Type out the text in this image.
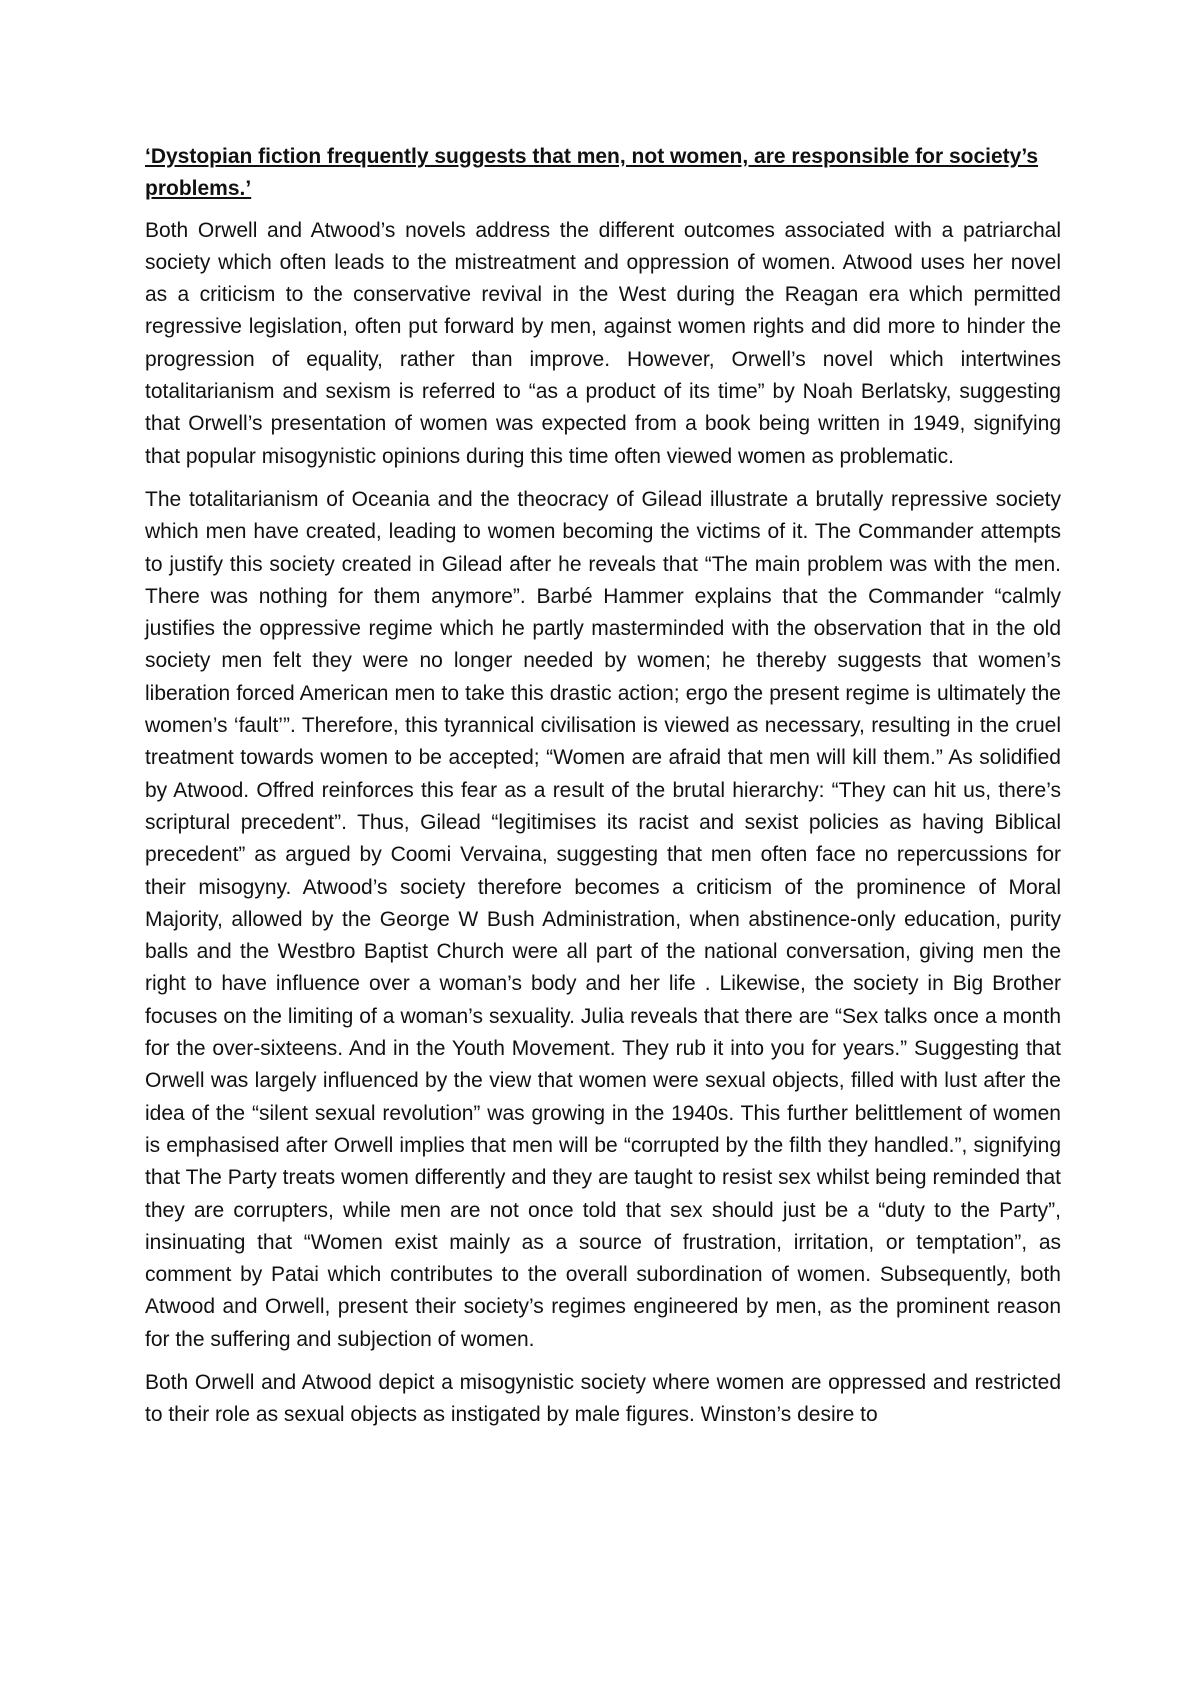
‘Dystopian fiction frequently suggests that men, not women, are responsible for society’s problems.’

Both Orwell and Atwood’s novels address the different outcomes associated with a patriarchal society which often leads to the mistreatment and oppression of women. Atwood uses her novel as a criticism to the conservative revival in the West during the Reagan era which permitted regressive legislation, often put forward by men, against women rights and did more to hinder the progression of equality, rather than improve. However, Orwell’s novel which intertwines totalitarianism and sexism is referred to “as a product of its time” by Noah Berlatsky, suggesting that Orwell’s presentation of women was expected from a book being written in 1949, signifying that popular misogynistic opinions during this time often viewed women as problematic.

The totalitarianism of Oceania and the theocracy of Gilead illustrate a brutally repressive society which men have created, leading to women becoming the victims of it. The Commander attempts to justify this society created in Gilead after he reveals that “The main problem was with the men. There was nothing for them anymore”. Barbé Hammer explains that the Commander “calmly justifies the oppressive regime which he partly masterminded with the observation that in the old society men felt they were no longer needed by women; he thereby suggests that women’s liberation forced American men to take this drastic action; ergo the present regime is ultimately the women’s ‘fault’”. Therefore, this tyrannical civilisation is viewed as necessary, resulting in the cruel treatment towards women to be accepted; “Women are afraid that men will kill them.” As solidified by Atwood. Offred reinforces this fear as a result of the brutal hierarchy: “They can hit us, there’s scriptural precedent”. Thus, Gilead “legitimises its racist and sexist policies as having Biblical precedent” as argued by Coomi Vervaina, suggesting that men often face no repercussions for their misogyny. Atwood’s society therefore becomes a criticism of the prominence of Moral Majority, allowed by the George W Bush Administration, when abstinence-only education, purity balls and the Westbro Baptist Church were all part of the national conversation, giving men the right to have influence over a woman’s body and her life . Likewise, the society in Big Brother focuses on the limiting of a woman’s sexuality. Julia reveals that there are “Sex talks once a month for the over-sixteens. And in the Youth Movement. They rub it into you for years.” Suggesting that Orwell was largely influenced by the view that women were sexual objects, filled with lust after the idea of the “silent sexual revolution” was growing in the 1940s. This further belittlement of women is emphasised after Orwell implies that men will be “corrupted by the filth they handled.”, signifying that The Party treats women differently and they are taught to resist sex whilst being reminded that they are corrupters, while men are not once told that sex should just be a “duty to the Party”, insinuating that “Women exist mainly as a source of frustration, irritation, or temptation”, as comment by Patai which contributes to the overall subordination of women. Subsequently, both Atwood and Orwell, present their society’s regimes engineered by men, as the prominent reason for the suffering and subjection of women.

Both Orwell and Atwood depict a misogynistic society where women are oppressed and restricted to their role as sexual objects as instigated by male figures. Winston’s desire to
